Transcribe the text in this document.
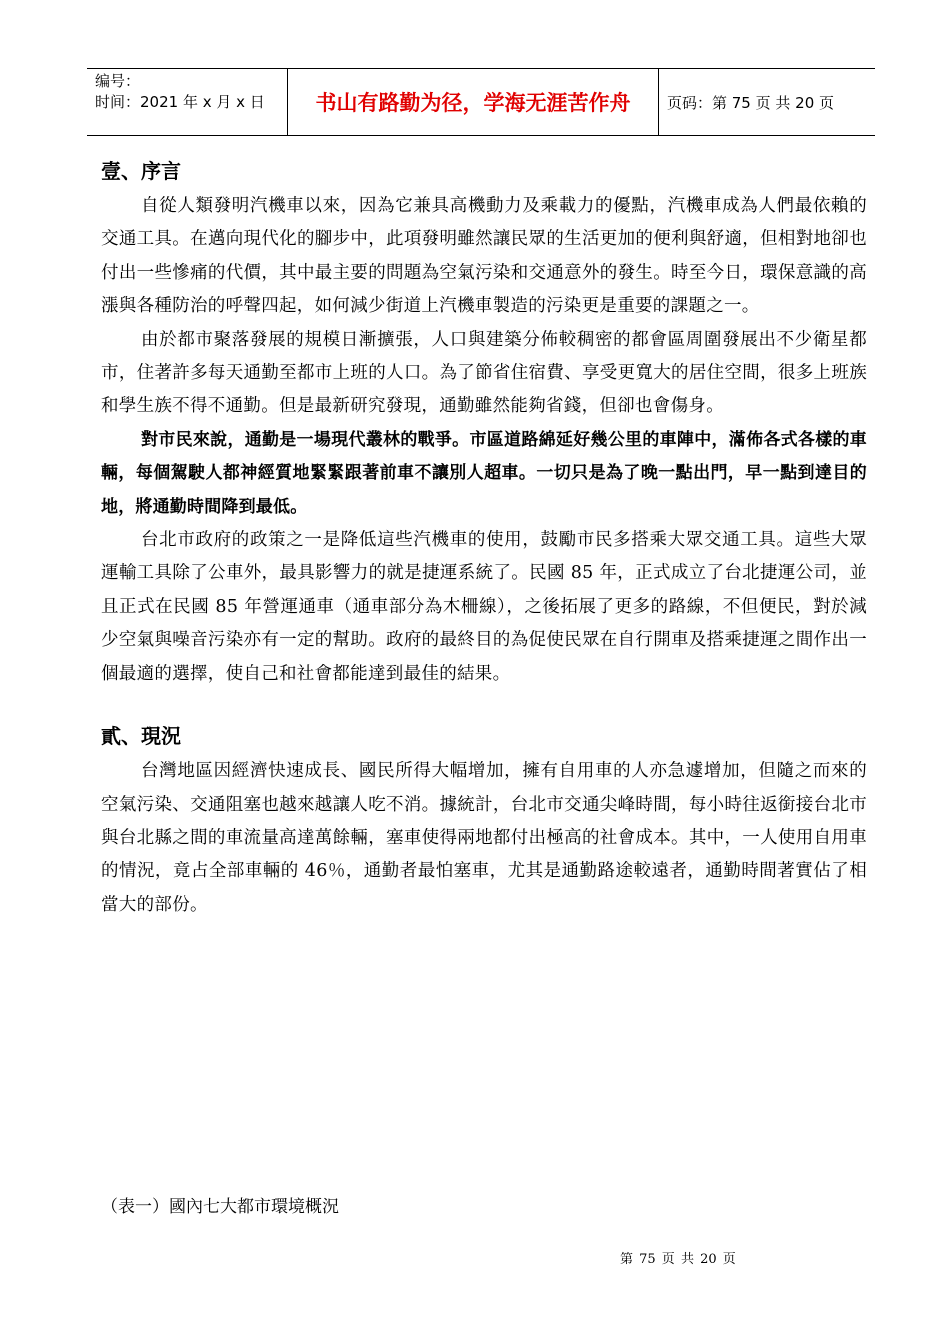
编号：
时间：2021 年 x 月 x 日	书山有路勤为径，学海无涯苦作舟	页码：第 75 页 共 20 页
壹、序言

自從人類發明汽機車以來，因為它兼具高機動力及乘載力的優點，汽機車成為人們最依賴的交通工具。在邁向現代化的腳步中，此項發明雖然讓民眾的生活更加的便利與舒適，但相對地卻也付出一些慘痛的代價，其中最主要的問題為空氣污染和交通意外的發生。時至今日，環保意識的高漲與各種防治的呼聲四起，如何減少街道上汽機車製造的污染更是重要的課題之一。

由於都市聚落發展的規模日漸擴張，人口與建築分佈較稠密的都會區周圍發展出不少衛星都市，住著許多每天通勤至都市上班的人口。為了節省住宿費、享受更寬大的居住空間，很多上班族和學生族不得不通勤。但是最新研究發現，通勤雖然能夠省錢，但卻也會傷身。

對市民來說，通勤是一場現代叢林的戰爭。市區道路綿延好幾公里的車陣中，滿佈各式各樣的車輛，每個駕駛人都神經質地緊緊跟著前車不讓別人超車。一切只是為了晚一點出門，早一點到達目的地，將通勤時間降到最低。

台北市政府的政策之一是降低這些汽機車的使用，鼓勵市民多搭乘大眾交通工具。這些大眾運輸工具除了公車外，最具影響力的就是捷運系統了。民國 85 年，正式成立了台北捷運公司，並且正式在民國 85 年營運通車（通車部分為木柵線），之後拓展了更多的路線，不但便民，對於減少空氣與噪音污染亦有一定的幫助。政府的最終目的為促使民眾在自行開車及搭乘捷運之間作出一個最適的選擇，使自己和社會都能達到最佳的結果。

貳、現況

台灣地區因經濟快速成長、國民所得大幅增加，擁有自用車的人亦急遽增加，但隨之而來的空氣污染、交通阻塞也越來越讓人吃不消。據統計，台北市交通尖峰時間，每小時往返銜接台北市與台北縣之間的車流量高達萬餘輛，塞車使得兩地都付出極高的社會成本。其中，一人使用自用車的情況，竟占全部車輛的 46％，通勤者最怕塞車，尤其是通勤路途較遠者，通勤時間著實佔了相當大的部份。

（表一）國內七大都市環境概況
第 75 页 共 20 页
